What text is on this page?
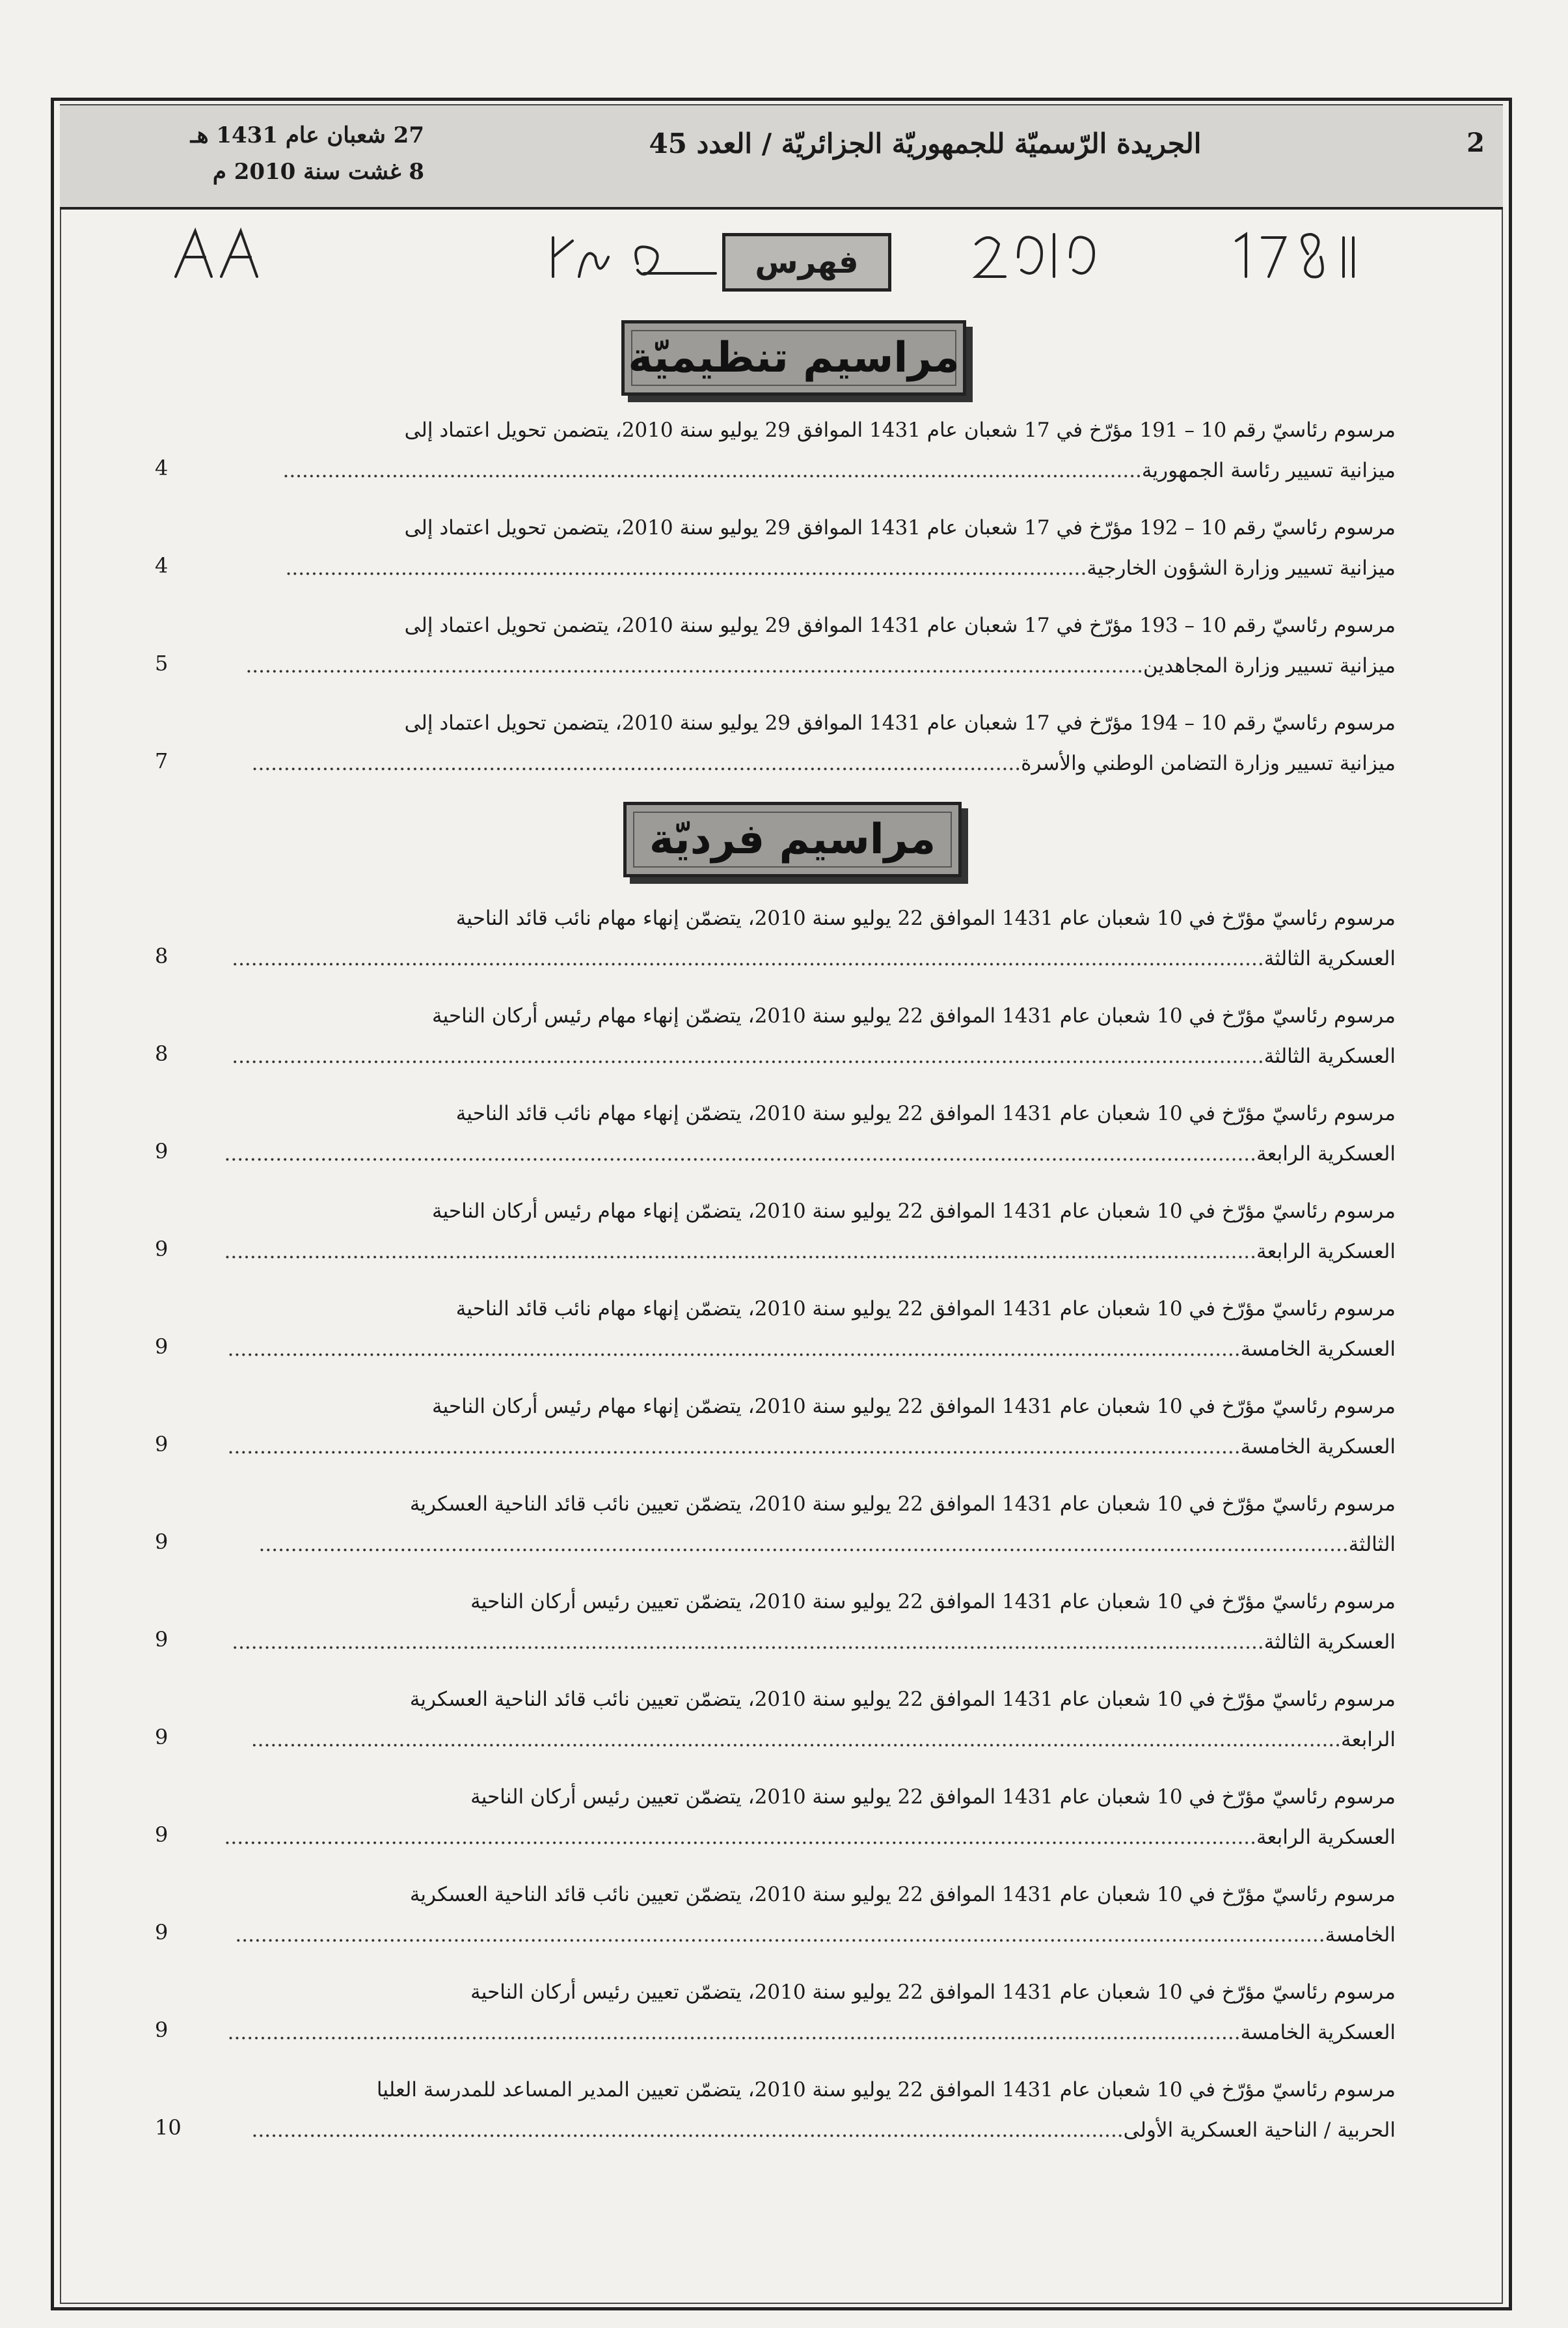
27 شعبان عام 1431 هـ
8 غشت سنة 2010 م
الجريدة الرّسميّة للجمهوريّة الجزائريّة / العدد 45	2
فهرس
مراسيم تنظيميّة
مرسوم رئاسيّ رقم 10 – 191 مؤرّخ في 17 شعبان عام 1431 الموافق 29 يوليو سنة 2010، يتضمن تحويل اعتماد إلى
ميزانية تسيير رئاسة الجمهورية......................................................................................................................................
4
مرسوم رئاسيّ رقم 10 – 192 مؤرّخ في 17 شعبان عام 1431 الموافق 29 يوليو سنة 2010، يتضمن تحويل اعتماد إلى
ميزانية تسيير وزارة الشؤون الخارجية.............................................................................................................................
4
مرسوم رئاسيّ رقم 10 – 193 مؤرّخ في 17 شعبان عام 1431 الموافق 29 يوليو سنة 2010، يتضمن تحويل اعتماد إلى
ميزانية تسيير وزارة المجاهدين............................................................................................................................................
5
مرسوم رئاسيّ رقم 10 – 194 مؤرّخ في 17 شعبان عام 1431 الموافق 29 يوليو سنة 2010، يتضمن تحويل اعتماد إلى
ميزانية تسيير وزارة التضامن الوطني والأسرة........................................................................................................................
7
مراسيم فرديّة
مرسوم رئاسيّ مؤرّخ في 10 شعبان عام 1431 الموافق 22 يوليو سنة 2010، يتضمّن إنهاء مهام نائب قائد الناحية
العسكرية الثالثة.................................................................................................................................................................
8
مرسوم رئاسيّ مؤرّخ في 10 شعبان عام 1431 الموافق 22 يوليو سنة 2010، يتضمّن إنهاء مهام رئيس أركان الناحية
العسكرية الثالثة.................................................................................................................................................................
8
مرسوم رئاسيّ مؤرّخ في 10 شعبان عام 1431 الموافق 22 يوليو سنة 2010، يتضمّن إنهاء مهام نائب قائد الناحية
العسكرية الرابعة.................................................................................................................................................................
9
مرسوم رئاسيّ مؤرّخ في 10 شعبان عام 1431 الموافق 22 يوليو سنة 2010، يتضمّن إنهاء مهام رئيس أركان الناحية
العسكرية الرابعة.................................................................................................................................................................
9
مرسوم رئاسيّ مؤرّخ في 10 شعبان عام 1431 الموافق 22 يوليو سنة 2010، يتضمّن إنهاء مهام نائب قائد الناحية
العسكرية الخامسة..............................................................................................................................................................
9
مرسوم رئاسيّ مؤرّخ في 10 شعبان عام 1431 الموافق 22 يوليو سنة 2010، يتضمّن إنهاء مهام رئيس أركان الناحية
العسكرية الخامسة..............................................................................................................................................................
9
مرسوم رئاسيّ مؤرّخ في 10 شعبان عام 1431 الموافق 22 يوليو سنة 2010، يتضمّن تعيين نائب قائد الناحية العسكرية
الثالثة..........................................................................................................................................................................
9
مرسوم رئاسيّ مؤرّخ في 10 شعبان عام 1431 الموافق 22 يوليو سنة 2010، يتضمّن تعيين رئيس أركان الناحية
العسكرية الثالثة.................................................................................................................................................................
9
مرسوم رئاسيّ مؤرّخ في 10 شعبان عام 1431 الموافق 22 يوليو سنة 2010، يتضمّن تعيين نائب قائد الناحية العسكرية
الرابعة..........................................................................................................................................................................
9
مرسوم رئاسيّ مؤرّخ في 10 شعبان عام 1431 الموافق 22 يوليو سنة 2010، يتضمّن تعيين رئيس أركان الناحية
العسكرية الرابعة.................................................................................................................................................................
9
مرسوم رئاسيّ مؤرّخ في 10 شعبان عام 1431 الموافق 22 يوليو سنة 2010، يتضمّن تعيين نائب قائد الناحية العسكرية
الخامسة..........................................................................................................................................................................
9
مرسوم رئاسيّ مؤرّخ في 10 شعبان عام 1431 الموافق 22 يوليو سنة 2010، يتضمّن تعيين رئيس أركان الناحية
العسكرية الخامسة..............................................................................................................................................................
9
مرسوم رئاسيّ مؤرّخ في 10 شعبان عام 1431 الموافق 22 يوليو سنة 2010، يتضمّن تعيين المدير المساعد للمدرسة العليا
الحربية / الناحية العسكرية الأولى........................................................................................................................................
10
